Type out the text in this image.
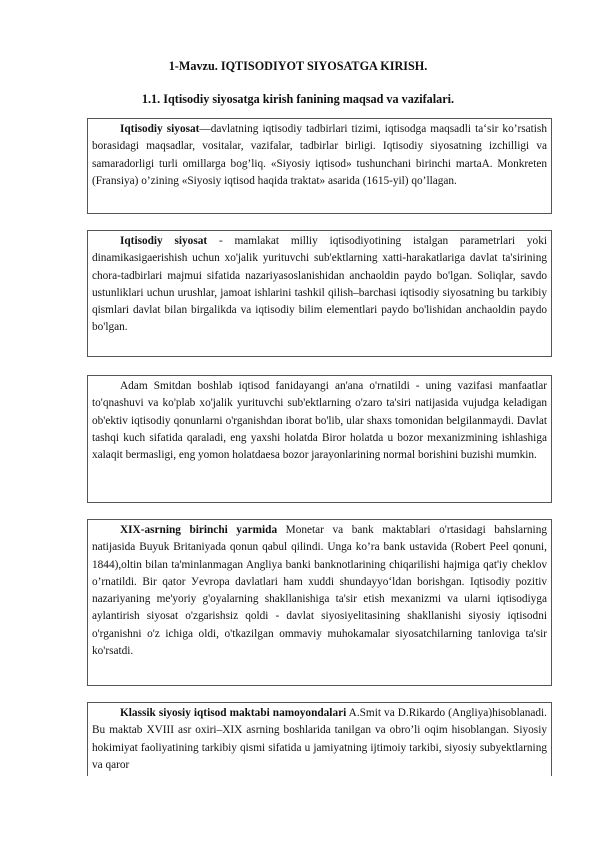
1-Mavzu. IQTISODIYOT SIYOSATGA KIRISH.
1.1. Iqtisodiy siyosatga kirish fanining maqsad va vazifalari.

Iqtisodiy siyosat—davlatning iqtisodiy tadbirlari tizimi, iqtisodga maqsadli ta‘sir ko’rsatish borasidagi maqsadlar, vositalar, vazifalar, tadbirlar birligi. Iqtisodiy siyosatning izchilligi va samaradorligi turli omillarga bog’liq. «Siyosiy iqtisod» tushunchani birinchi martaA. Monkreten (Fransiya) o’zining «Siyosiy iqtisod haqida traktat» asarida (1615-yil) qo’llagan.

Iqtisodiy siyosat - mamlakat milliy iqtisodiyotining istalgan parametrlari yoki dinamikasigaerishish uchun xo'jalik yurituvchi sub'ektlarning xatti-harakatlariga davlat ta'sirining chora-tadbirlari majmui sifatida nazariyasoslanishidan anchaoldin paydo bo'lgan. Soliqlar, savdo ustunliklari uchun urushlar, jamoat ishlarini tashkil qilish–barchasi iqtisodiy siyosatning bu tarkibiy qismlari davlat bilan birgalikda va iqtisodiy bilim elementlari paydo bo'lishidan anchaoldin paydo bo'lgan.

Adam Smitdan boshlab iqtisod fanidayangi an'ana o'rnatildi - uning vazifasi manfaatlar to'qnashuvi va ko'plab xo'jalik yurituvchi sub'ektlarning o'zaro ta'siri natijasida vujudga keladigan ob'ektiv iqtisodiy qonunlarni o'rganishdan iborat bo'lib, ular shaxs tomonidan belgilanmaydi. Davlat tashqi kuch sifatida qaraladi, eng yaxshi holatda Biror holatda u bozor mexanizmining ishlashiga xalaqit bermasligi, eng yomon holatdaesa bozor jarayonlarining normal borishini buzishi mumkin.

XIX-asrning birinchi yarmida Monetar va bank maktablari o'rtasidagi bahslarning natijasida Buyuk Britaniyada qonun qabul qilindi. Unga ko’ra bank ustavida (Robert Peel qonuni, 1844),oltin bilan ta'minlanmagan Angliya banki banknotlarining chiqarilishi hajmiga qat'iy cheklov o’rnatildi. Bir qator Уevropa davlatlari ham xuddi shundayyo‘ldan borishgan. Iqtisodiy pozitiv nazariyaning me'yoriy g'oyalarning shakllanishiga ta'sir etish mexanizmi va ularni iqtisodiyga aylantirish siyosat o'zgarishsiz qoldi - davlat siyosiyelitasining shakllanishi siyosiy iqtisodni o'rganishni o'z ichiga oldi, o'tkazilgan ommaviy muhokamalar siyosatchilarning tanloviga ta'sir ko'rsatdi.

Klassik siyosiy iqtisod maktabi namoyondalari A.Smit va D.Rikardo (Angliya)hisoblanadi. Bu maktab XVIII asr oxiri–XIX asrning boshlarida tanilgan va obro’li oqim hisoblangan. Siyosiy hokimiyat faoliyatining tarkibiy qismi sifatida u jamiyatning ijtimoiy tarkibi, siyosiy subyektlarning va qaror
